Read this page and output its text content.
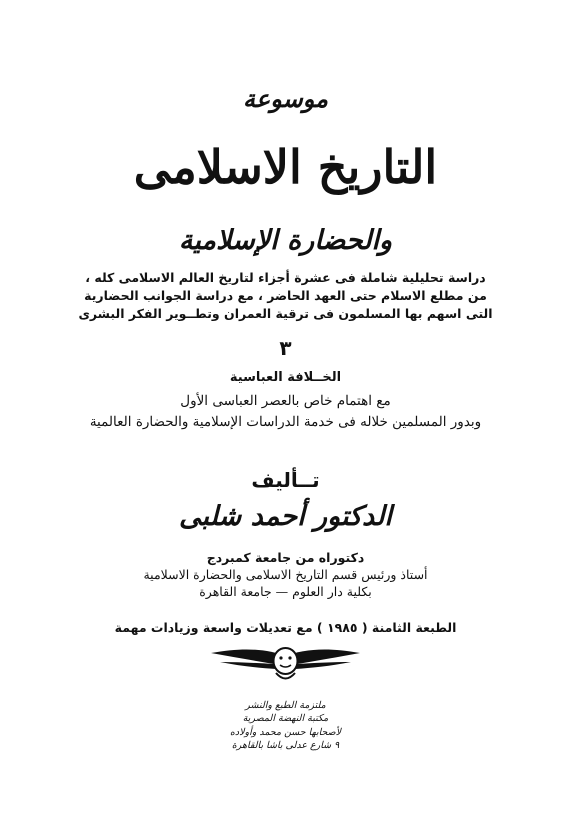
موسوعة
التاريخ الاسلامى
والحضارة الإسلامية
دراسة تحليلية شاملة فى عشرة أجزاء لتاريخ العالم الاسلامى كله ،
من مطلع الاسلام حتى العهد الحاضر ، مع دراسة الجوانب الحضارية
التى اسهم بها المسلمون فى ترقية العمران وتطــوير الفكر البشرى
٣
الخــلافة العباسية
مع اهتمام خاص بالعصر العباسى الأول
وبدور المسلمين خلاله فى خدمة الدراسات الإسلامية والحضارة العالمية
تــأليف
الدكتور أحمد شلبى
دكتوراه من جامعة كمبردج
أستاذ ورئيس قسم التاريخ الاسلامى والحضارة الاسلامية
بكلية دار العلوم — جامعة القاهرة
الطبعة الثامنة ( ١٩٨٥ ) مع تعديلات واسعة وزيادات مهمة
ملتزمة الطبع والنشر
مكتبة النهضة المصرية
لأصحابها حسن محمد وأولاده
٩ شارع عدلى باشا بالقاهرة
